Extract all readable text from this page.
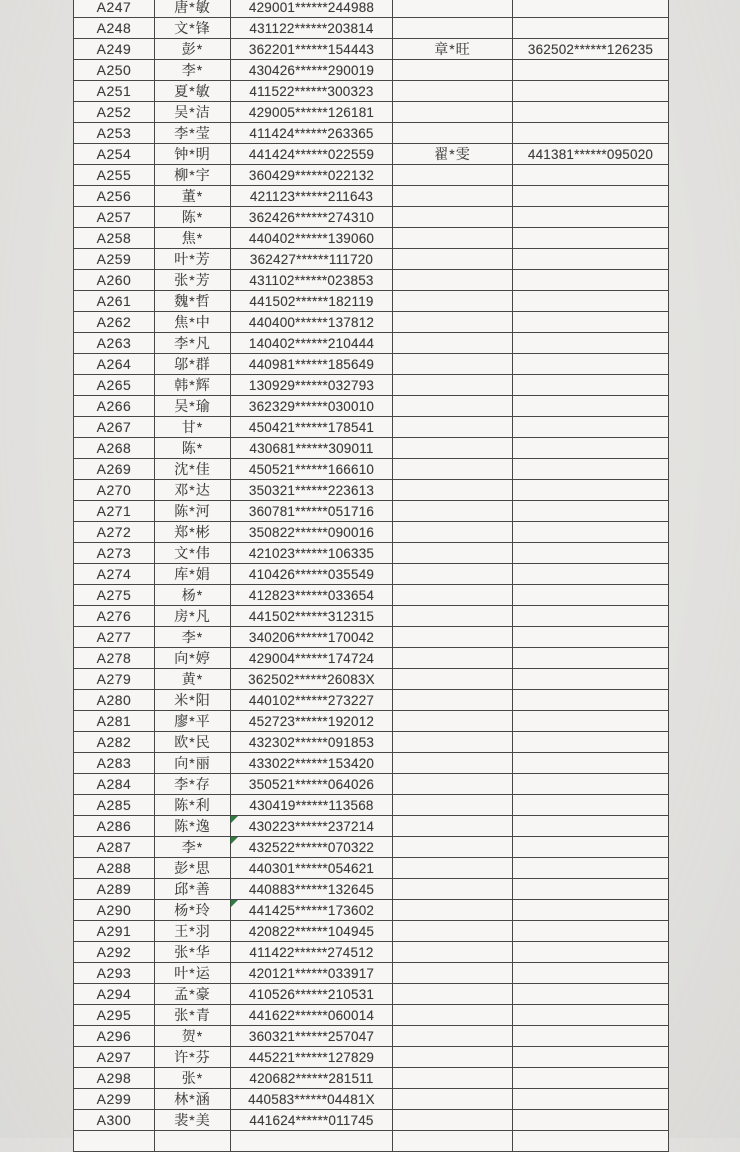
A247	唐*敏	429001******244988		
A248	文*锋	431122******203814		
A249	彭*	362201******154443	章*旺	362502******126235
A250	李*	430426******290019		
A251	夏*敏	411522******300323		
A252	吴*洁	429005******126181		
A253	李*莹	411424******263365		
A254	钟*明	441424******022559	翟*雯	441381******095020
A255	柳*宇	360429******022132		
A256	董*	421123******211643		
A257	陈*	362426******274310		
A258	焦*	440402******139060		
A259	叶*芳	362427******111720		
A260	张*芳	431102******023853		
A261	魏*哲	441502******182119		
A262	焦*中	440400******137812		
A263	李*凡	140402******210444		
A264	邬*群	440981******185649		
A265	韩*辉	130929******032793		
A266	吴*瑜	362329******030010		
A267	甘*	450421******178541		
A268	陈*	430681******309011		
A269	沈*佳	450521******166610		
A270	邓*达	350321******223613		
A271	陈*河	360781******051716		
A272	郑*彬	350822******090016		
A273	文*伟	421023******106335		
A274	库*娟	410426******035549		
A275	杨*	412823******033654		
A276	房*凡	441502******312315		
A277	李*	340206******170042		
A278	向*婷	429004******174724		
A279	黄*	362502******26083X		
A280	米*阳	440102******273227		
A281	廖*平	452723******192012		
A282	欧*民	432302******091853		
A283	向*丽	433022******153420		
A284	李*存	350521******064026		
A285	陈*利	430419******113568		
A286	陈*逸	430223******237214		
A287	李*	432522******070322		
A288	彭*思	440301******054621		
A289	邱*善	440883******132645		
A290	杨*玲	441425******173602		
A291	王*羽	420822******104945		
A292	张*华	411422******274512		
A293	叶*运	420121******033917		
A294	孟*豪	410526******210531		
A295	张*青	441622******060014		
A296	贺*	360321******257047		
A297	许*芬	445221******127829		
A298	张*	420682******281511		
A299	林*涵	440583******04481X		
A300	裴*美	441624******011745		
